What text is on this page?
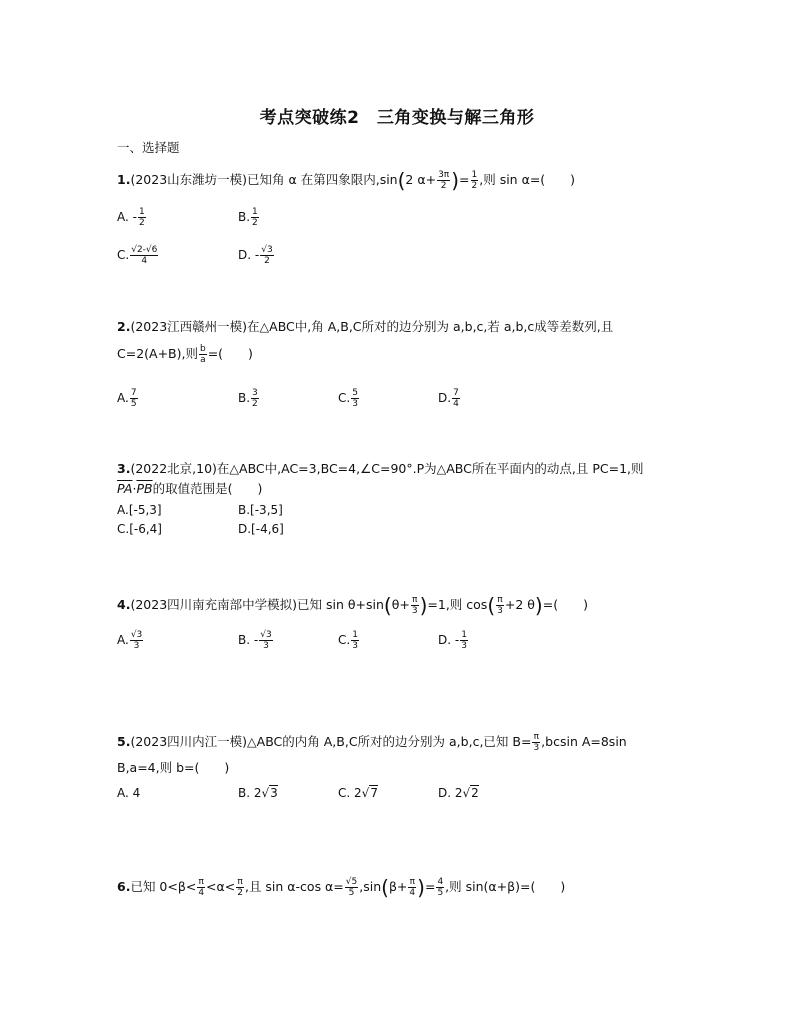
考点突破练2　三角变换与解三角形
一、选择题
1.(2023山东潍坊一模)已知角 α 在第四象限内,sin(2 $\alpha+ \frac{3\pi}{2}$ )= $\frac{1}{2}$ ,则 sin α=(　　)
A. - $\frac{1}{2}$	B. $\frac{1}{2}$
C. $\frac{√2-√6}{4}$	D. - $\frac{√3}{2}$
2.(2023江西赣州一模)在△ABC中,角 A,B,C所对的边分别为 a,b,c,若 a,b,c成等差数列,且
C=2(A+B),则 $\frac{b}{a}$ =(　　)
A. $\frac{7}{5}$	B. $\frac{3}{2}$	C. $\frac{5}{3}$	D. $\frac{7}{4}$
3.(2022北京,10)在△ABC中,AC=3,BC=4,∠C=90°.P为△ABC所在平面内的动点,且 PC=1,则
$\overline{PA}\cdot\overline{PB}$的取值范围是(　　)
A.[-5,3]	B.[-3,5]
C.[-6,4]	D.[-4,6]
4.(2023四川南充南部中学模拟)已知 $\sin \theta+\sin(\theta+ \frac{\pi}{3} )=1$,则 $\cos( \frac{\pi}{3} +2$ θ)=(　　)
A. $\frac{√3}{3}$	B. - $\frac{√3}{3}$	C. $\frac{1}{3}$	D. - $\frac{1}{3}$
5.(2023四川内江一模)△ABC的内角 A,B,C所对的边分别为 a,b,c,已知 $B= \frac{\pi}{3} ,bcsin$ A=8sin
B,a=4,则 b=(　　)
A. 4	B. 2√3	C. 2√7	D. 2√2
6.已知 $0<\beta< \frac{\pi}{4} <\alpha< \frac{\pi}{2}$ ,且 sin α-cos $\alpha= \frac{√5}{5} ,\sin(\beta+ \frac{\pi}{4}$ )= $\frac{4}{5}$ ,则 sin(α+β)=(　　)
